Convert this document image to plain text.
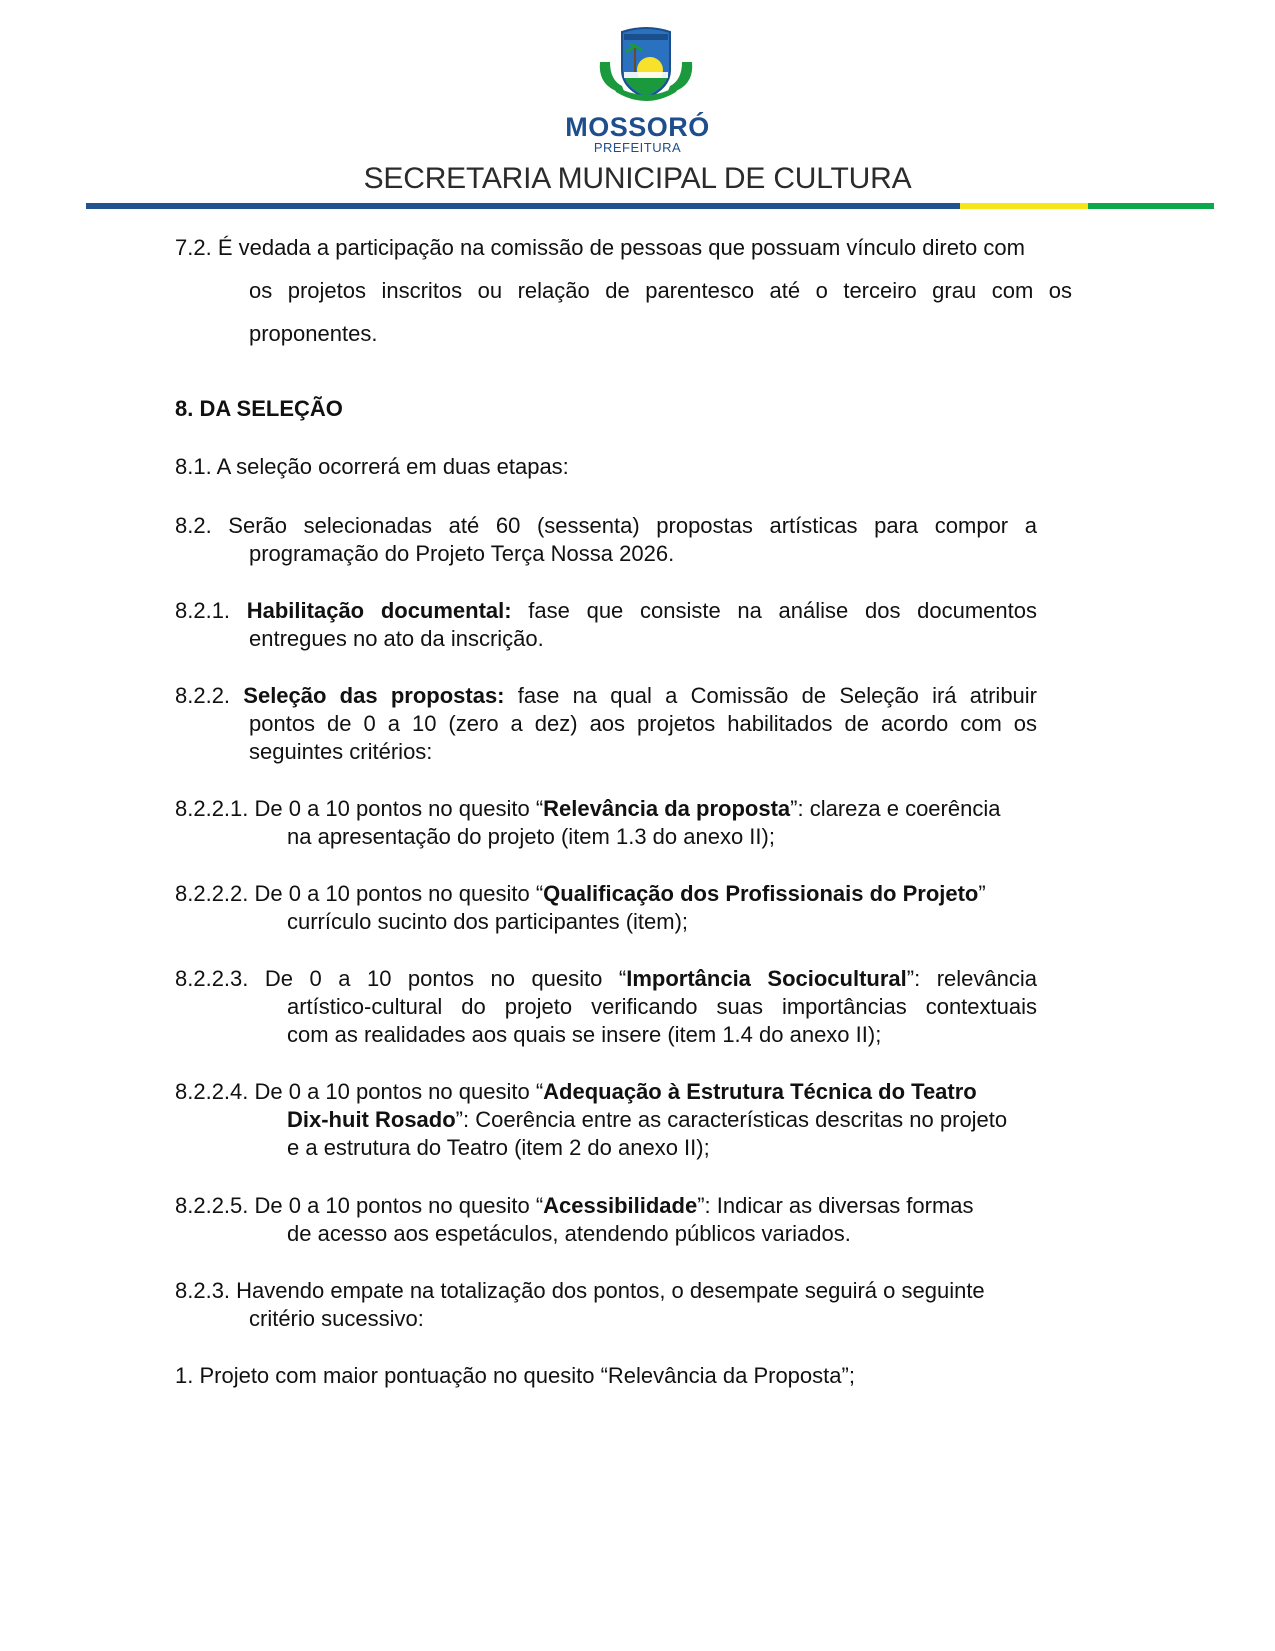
MOSSORÓ
PREFEITURA
SECRETARIA MUNICIPAL DE CULTURA
7.2. É vedada a participação na comissão de pessoas que possuam vínculo direto com
os projetos inscritos ou relação de parentesco até o terceiro grau com os
proponentes.
8. DA SELEÇÃO
8.1. A seleção ocorrerá em duas etapas:
8.2. Serão selecionadas até 60 (sessenta) propostas artísticas para compor a
programação do Projeto Terça Nossa 2026.
8.2.1. Habilitação documental: fase que consiste na análise dos documentos
entregues no ato da inscrição.
8.2.2. Seleção das propostas: fase na qual a Comissão de Seleção irá atribuir
pontos de 0 a 10 (zero a dez) aos projetos habilitados de acordo com os
seguintes critérios:
8.2.2.1. De 0 a 10 pontos no quesito “Relevância da proposta”: clareza e coerência
na apresentação do projeto (item 1.3 do anexo II);
8.2.2.2. De 0 a 10 pontos no quesito “Qualificação dos Profissionais do Projeto”
currículo sucinto dos participantes (item);
8.2.2.3. De 0 a 10 pontos no quesito “Importância Sociocultural”: relevância
artístico-cultural do projeto verificando suas importâncias contextuais
com as realidades aos quais se insere (item 1.4 do anexo II);
8.2.2.4. De 0 a 10 pontos no quesito “Adequação à Estrutura Técnica do Teatro
Dix-huit Rosado”: Coerência entre as características descritas no projeto
e a estrutura do Teatro (item 2 do anexo II);
8.2.2.5. De 0 a 10 pontos no quesito “Acessibilidade”: Indicar as diversas formas
de acesso aos espetáculos, atendendo públicos variados.
8.2.3. Havendo empate na totalização dos pontos, o desempate seguirá o seguinte
critério sucessivo:
1. Projeto com maior pontuação no quesito “Relevância da Proposta”;
